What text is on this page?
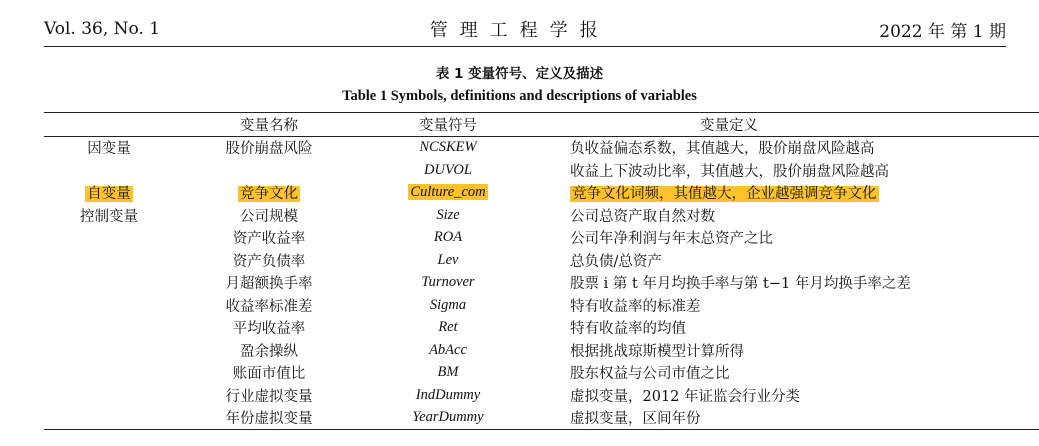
Vol. 36, No. 1	管理工程学报	2022 年 第 1 期
表 1 变量符号、定义及描述
Table 1 Symbols, definitions and descriptions of variables
	变量名称	变量符号	变量定义
因变量	股价崩盘风险	NCSKEW	负收益偏态系数，其值越大，股价崩盘风险越高
		DUVOL	收益上下波动比率，其值越大，股价崩盘风险越高
自变量	竞争文化	Culture_com	竞争文化词频，其值越大，企业越强调竞争文化
控制变量	公司规模	Size	公司总资产取自然对数
	资产收益率	ROA	公司年净利润与年末总资产之比
	资产负债率	Lev	总负债/总资产
	月超额换手率	Turnover	股票 i 第 t 年月均换手率与第 t−1 年月均换手率之差
	收益率标准差	Sigma	特有收益率的标准差
	平均收益率	Ret	特有收益率的均值
	盈余操纵	AbAcc	根据挑战琼斯模型计算所得
	账面市值比	BM	股东权益与公司市值之比
	行业虚拟变量	IndDummy	虚拟变量，2012 年证监会行业分类
	年份虚拟变量	YearDummy	虚拟变量，区间年份
